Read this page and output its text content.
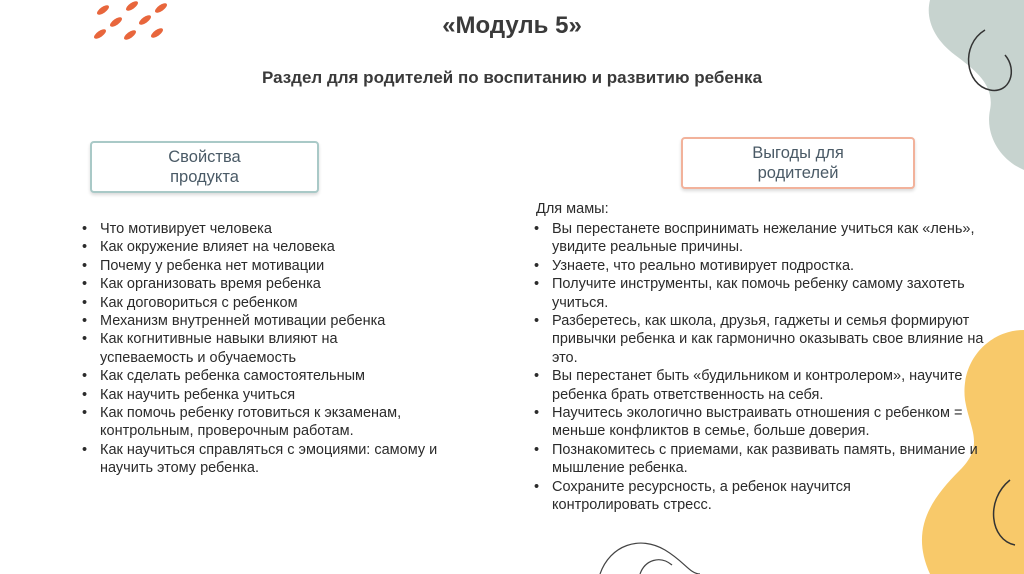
«Модуль 5»
Раздел для родителей по воспитанию и развитию ребенка
Свойства
продукта
Выгоды для
родителей
• Что мотивирует человека
• Как окружение влияет на человека
• Почему у ребенка нет мотивации
• Как организовать время ребенка
• Как договориться с ребенком
• Механизм внутренней мотивации ребенка
• Как когнитивные навыки влияют на успеваемость и обучаемость
• Как сделать ребенка самостоятельным
• Как научить ребенка учиться
• Как помочь ребенку готовиться к экзаменам, контрольным, проверочным работам.
• Как научиться справляться с эмоциями: самому и научить этому ребенка.
Для мамы:
• Вы перестанете воспринимать нежелание учиться как «лень», увидите реальные причины.
• Узнаете, что реально мотивирует подростка.
• Получите инструменты, как помочь ребенку самому захотеть учиться.
• Разберетесь, как школа, друзья, гаджеты и семья формируют привычки ребенка и как гармонично оказывать свое влияние на это.
• Вы перестанет быть «будильником и контролером», научите ребенка брать ответственность на себя.
• Научитесь экологично выстраивать отношения с ребенком = меньше конфликтов в семье, больше доверия.
• Познакомитесь с приемами, как развивать память, внимание и мышление ребенка.
• Сохраните ресурсность, а ребенок научится контролировать стресс.
